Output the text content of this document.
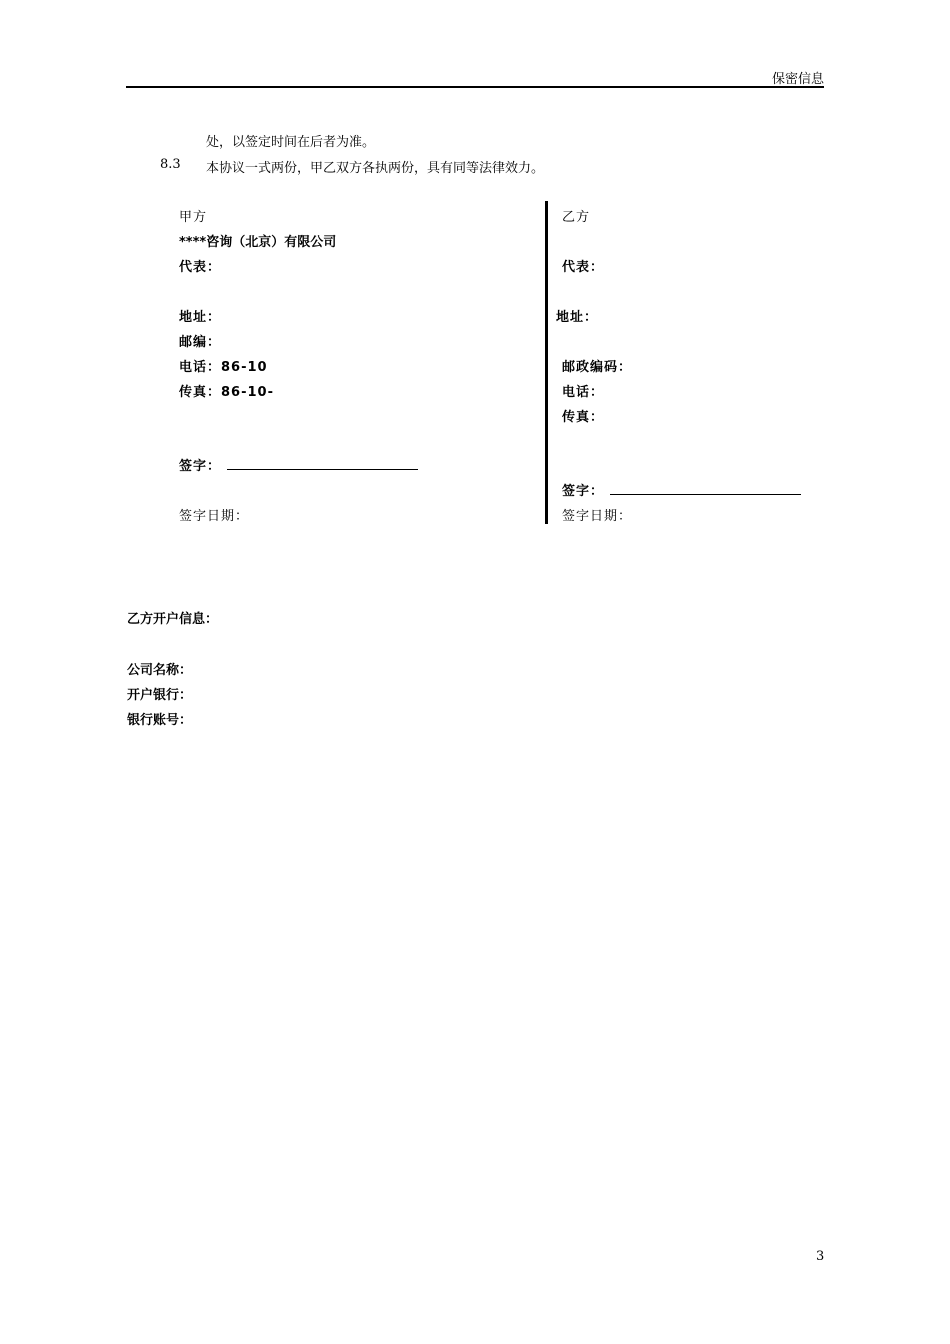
保密信息
处，以签定时间在后者为准。
8.3 本协议一式两份，甲乙双方各执两份，具有同等法律效力。
甲方
****咨询（北京）有限公司
代表：
地址：
邮编：
电话：86-10
传真：86-10-
签字：
签字日期：
乙方
代表：
地址：
邮政编码：
电话：
传真：
签字：
签字日期：
乙方开户信息：
公司名称：
开户银行：
银行账号：
3
